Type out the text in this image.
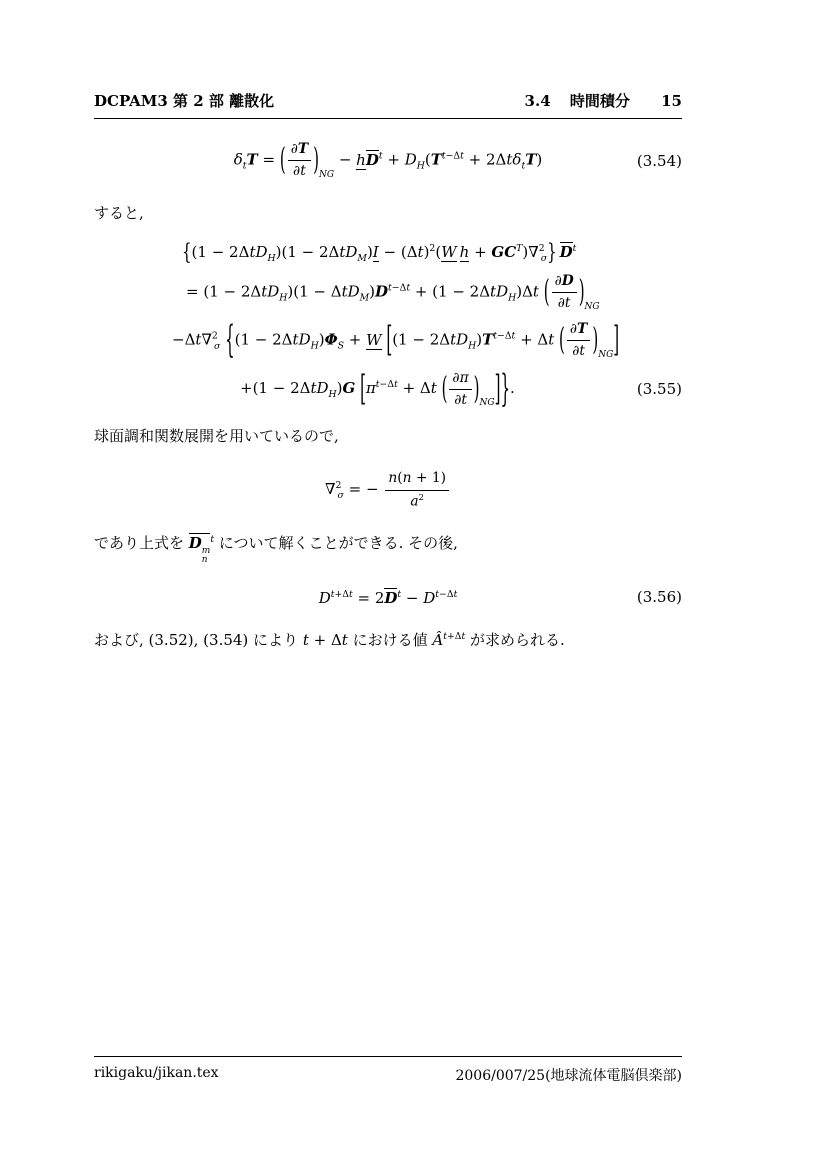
DCPAM3 第 2 部 離散化	3.4 時間積分 15
$\delta_tT$ = ( $\frac{\partial T}{\partial t} )_{NG} - hD^t + D_H(T^{t-\Delta t} + 2\Delta t\delta_tT)$	(3.54)
すると,
{$(1 - 2\Delta tD_H)(1 - 2\Delta tD_M)I - (\Delta t)^2(W$  $h + GC^T)\nabla^2_\sigma$}  $D^t$
= $(1 - 2\Delta tD_H)(1 - \Delta tD_M)D^{t-\Delta t} + (1 - 2\Delta tD_H)\Delta t$ ( $\frac{\partial D}{\partial t} )_{NG}$
−Δt∇$^2_\sigma$ {$(1 - 2\Delta tD_H)\Phi_S + W$ [$(1 - 2\Delta tD_H)T^{t-\Delta t} + \Delta t$ ( $\frac{\partial T}{\partial t} )_{NG}$]
+(1 − 2ΔtD$_H$)G [$\pi^{t-\Delta t} + \Delta t$ ( $\frac{\partial\pi}{\partial t} )_{NG}$]}.	(3.55)
球面調和関数展開を用いているので,
∇$^2_\sigma$ = − $\frac{n(n + 1)}{a^2}$
であり上式を D m
n
$^t$ について解くことができる. その後,
$D^{t+\Delta t} = 2D^t - D^{t-\Delta t}$	(3.56)
および, (3.52), (3.54) により t + Δt における値 $Â^{t+\Delta t}$ が求められる.
rikigaku/jikan.tex	2006/007/25(地球流体電脳倶楽部)
